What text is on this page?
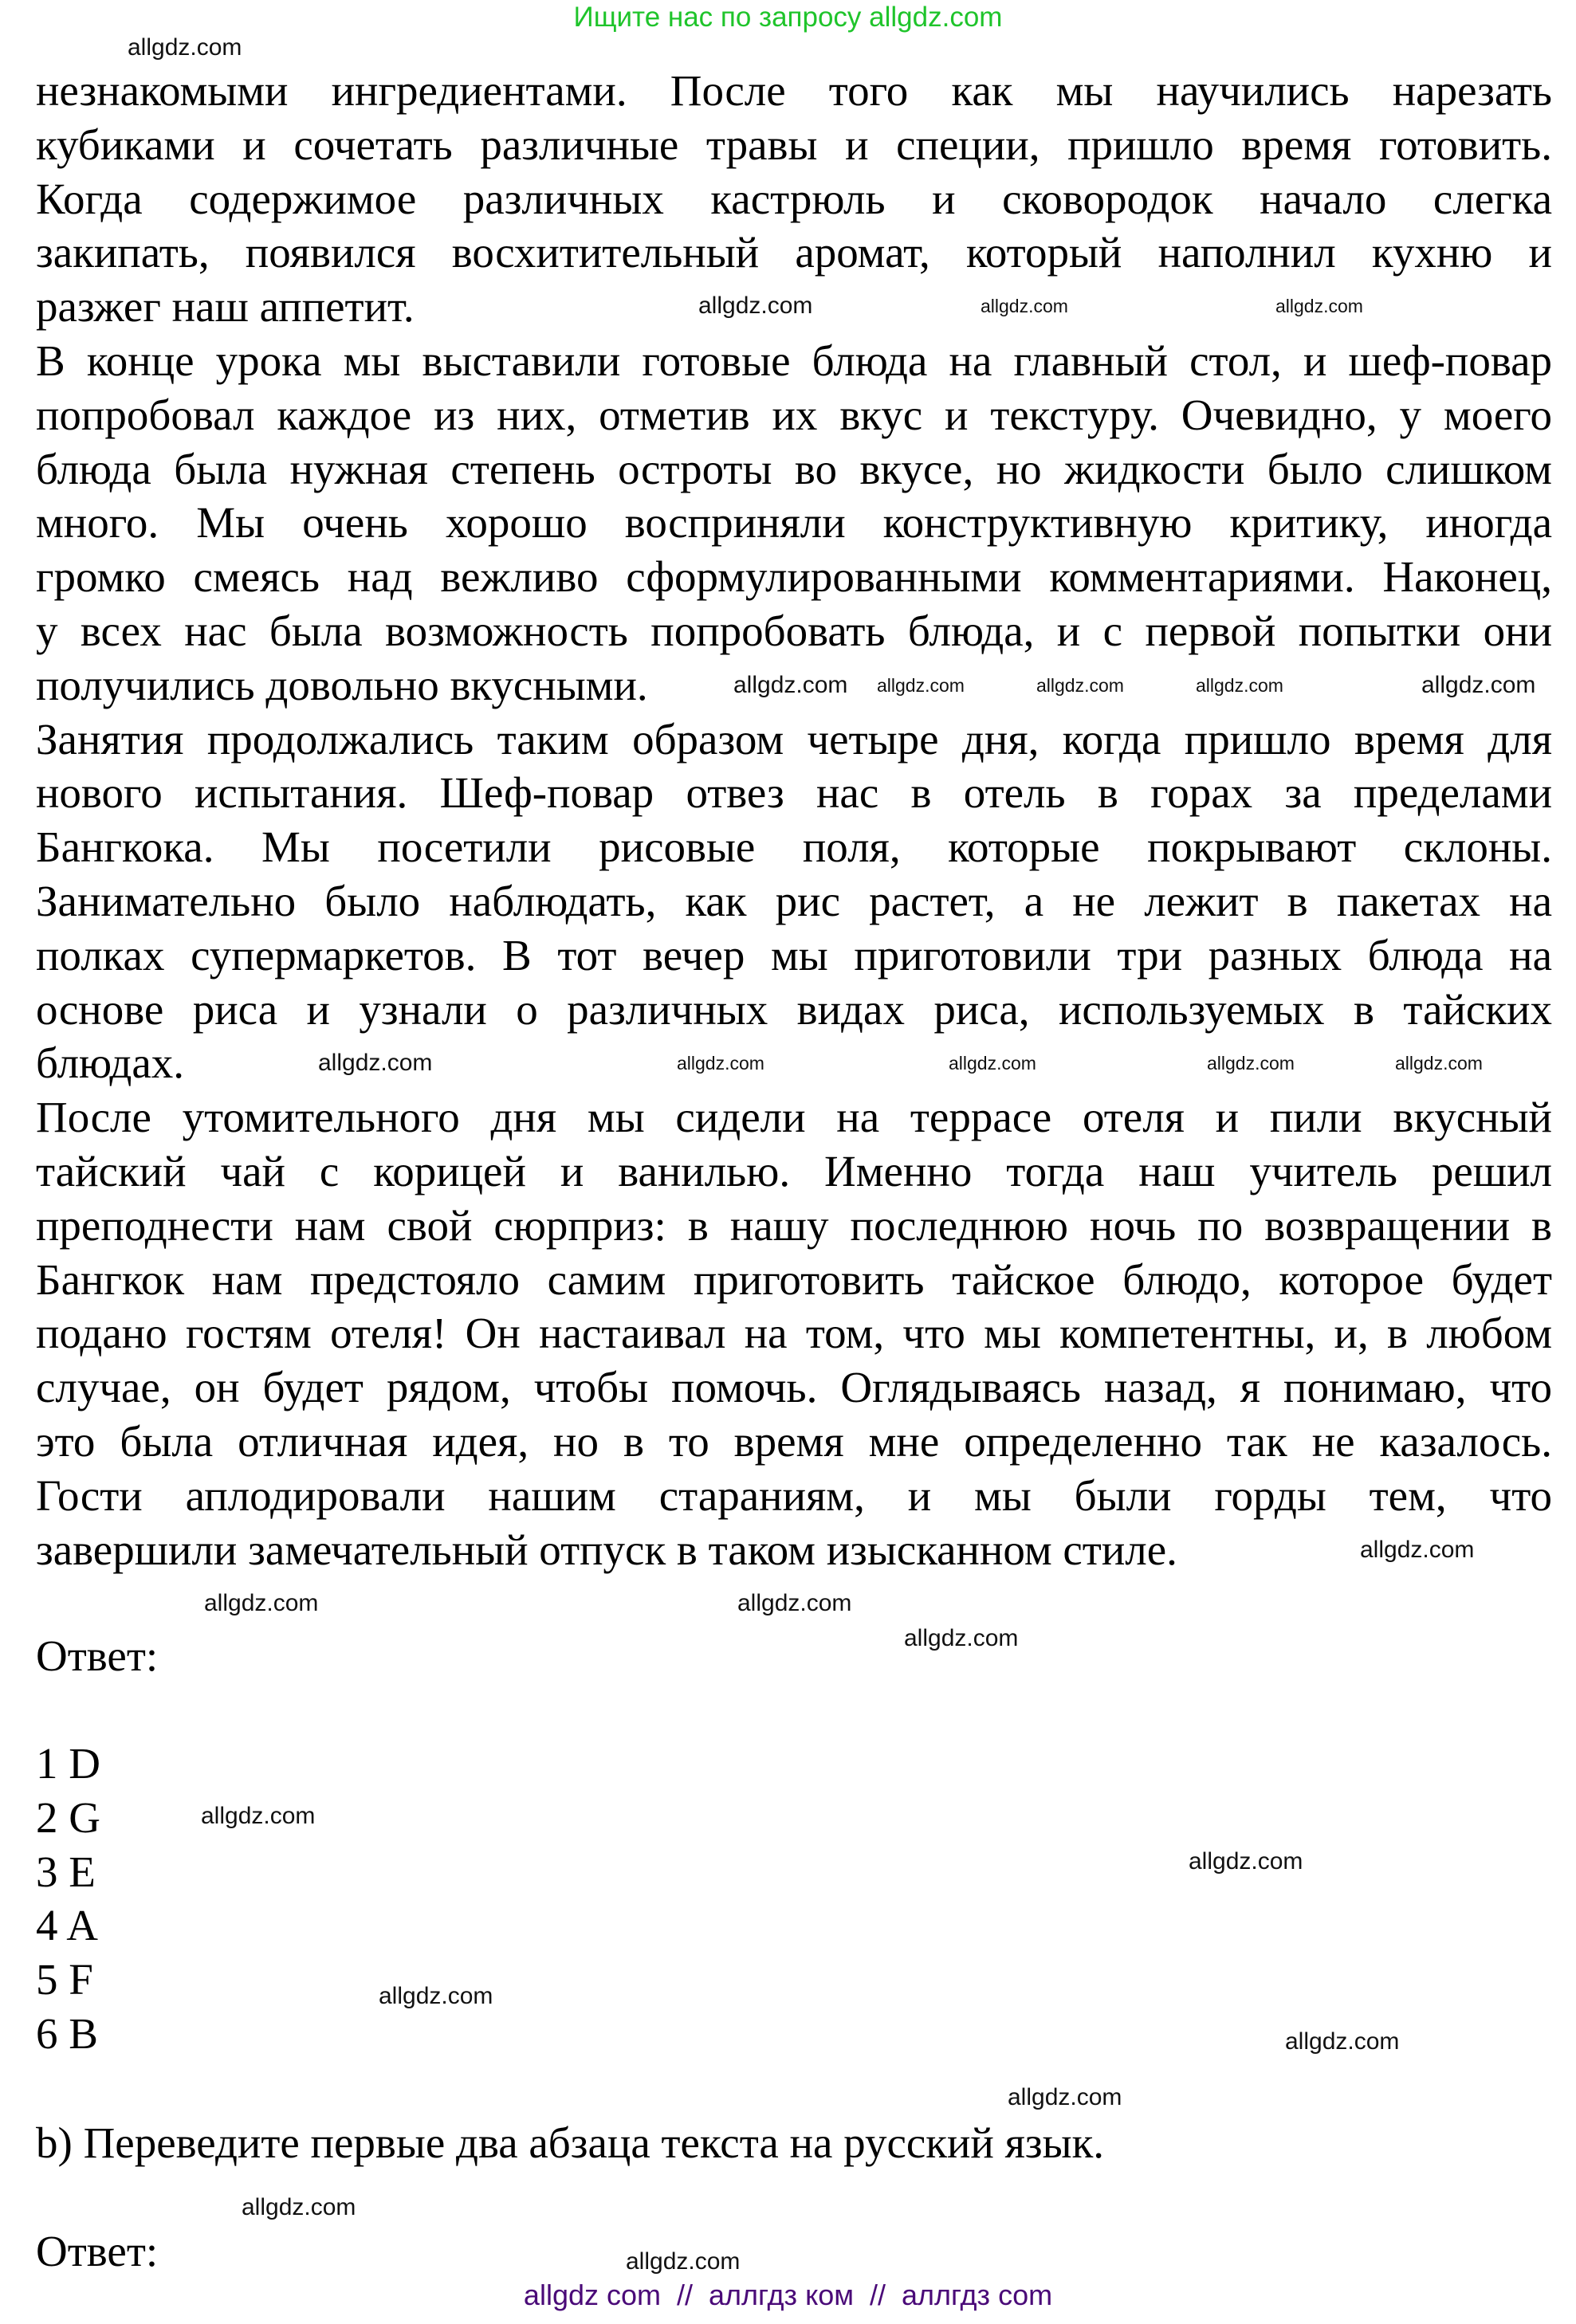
Ищите нас по запросу allgdz.com
незнакомыми ингредиентами. После того как мы научились нарезать
кубиками и сочетать различные травы и специи, пришло время готовить.
Когда содержимое различных кастрюль и сковородок начало слегка
закипать, появился восхитительный аромат, который наполнил кухню и
разжег наш аппетит.
В конце урока мы выставили готовые блюда на главный стол, и шеф-повар
попробовал каждое из них, отметив их вкус и текстуру. Очевидно, у моего
блюда была нужная степень остроты во вкусе, но жидкости было слишком
много. Мы очень хорошо восприняли конструктивную критику, иногда
громко смеясь над вежливо сформулированными комментариями. Наконец,
у всех нас была возможность попробовать блюда, и с первой попытки они
получились довольно вкусными.
Занятия продолжались таким образом четыре дня, когда пришло время для
нового испытания. Шеф-повар отвез нас в отель в горах за пределами
Бангкока. Мы посетили рисовые поля, которые покрывают склоны.
Занимательно было наблюдать, как рис растет, а не лежит в пакетах на
полках супермаркетов. В тот вечер мы приготовили три разных блюда на
основе риса и узнали о различных видах риса, используемых в тайских
блюдах.
После утомительного дня мы сидели на террасе отеля и пили вкусный
тайский чай с корицей и ванилью. Именно тогда наш учитель решил
преподнести нам свой сюрприз: в нашу последнюю ночь по возвращении в
Бангкок нам предстояло самим приготовить тайское блюдо, которое будет
подано гостям отеля! Он настаивал на том, что мы компетентны, и, в любом
случае, он будет рядом, чтобы помочь. Оглядываясь назад, я понимаю, что
это была отличная идея, но в то время мне определенно так не казалось.
Гости аплодировали нашим стараниям, и мы были горды тем, что
завершили замечательный отпуск в таком изысканном стиле.
Ответ:
1 D
2 G
3 E
4 A
5 F
6 B
b) Переведите первые два абзаца текста на русский язык.
Ответ:
allgdz.com
allgdz.com
allgdz.com	allgdz.com
allgdz.com	allgdz.com	allgdz.com
allgdz.com
allgdz.com	allgdz.com
allgdz.com	allgdz.com	allgdz.com
allgdz.com
allgdz.com
allgdz.com
allgdz.com
allgdz.com
allgdz.com
allgdz.com
allgdz.com
allgdz.com
allgdz.com
allgdz.com
allgdz.com
allgdz com  //  аллгдз ком  //  аллгдз com
